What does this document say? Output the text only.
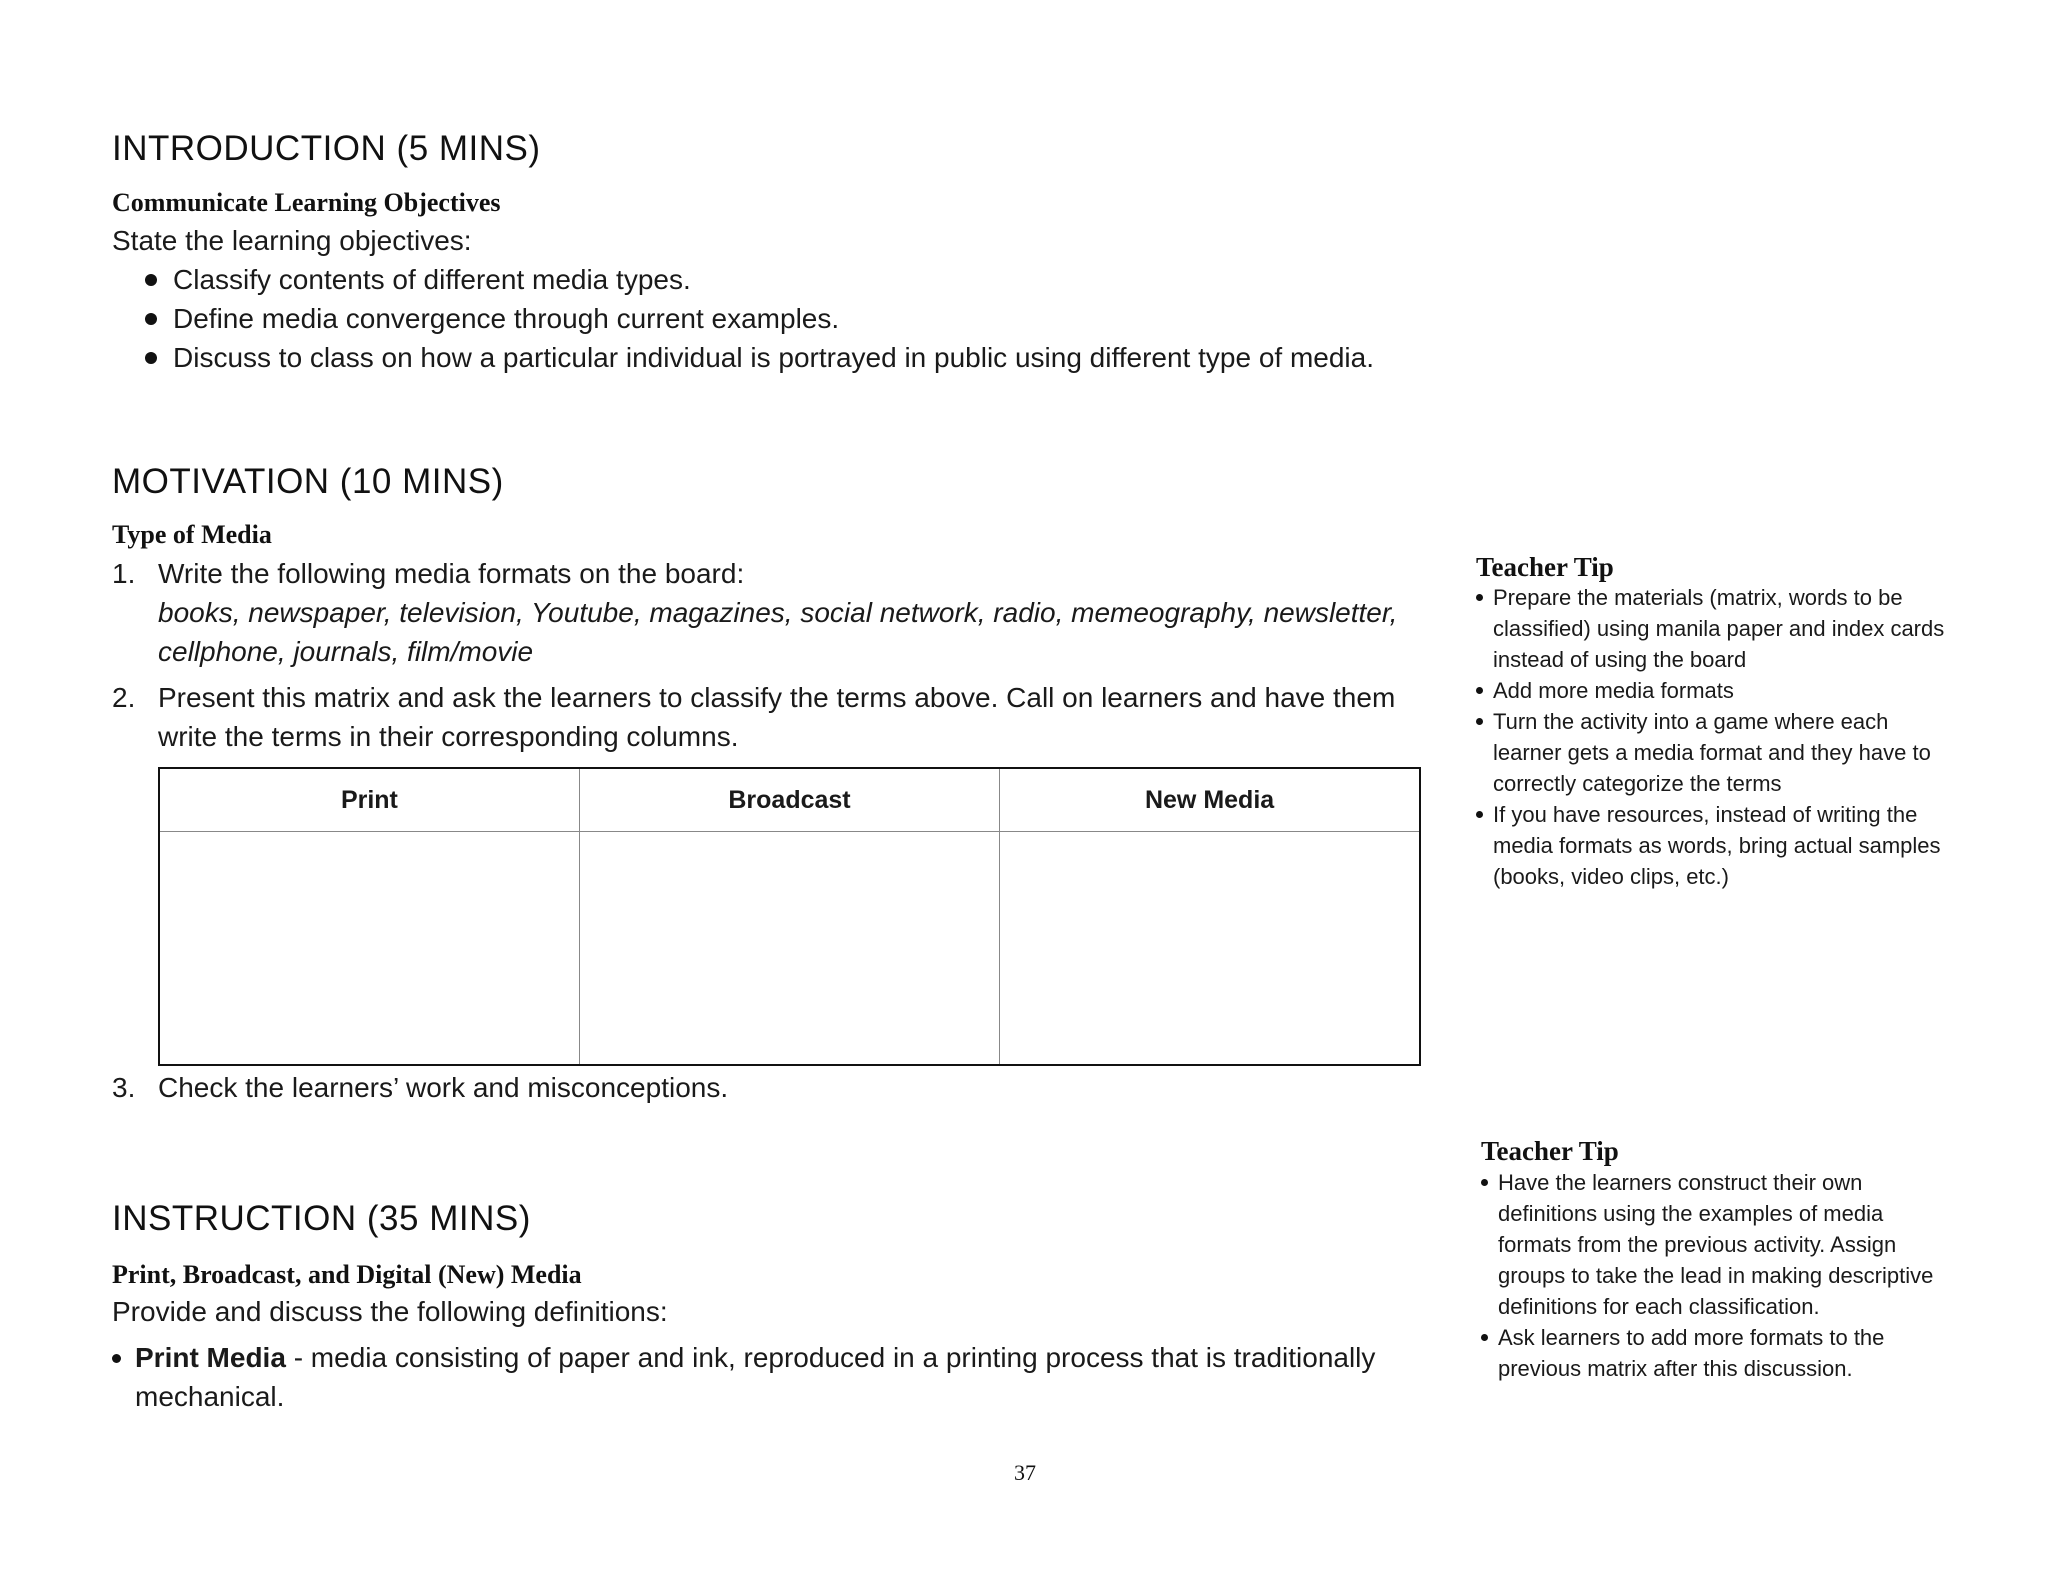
INTRODUCTION (5 MINS)
Communicate Learning Objectives
State the learning objectives:
Classify contents of different media types.
Define media convergence through current examples.
Discuss to class on how a particular individual is portrayed in public using different type of media.
MOTIVATION (10 MINS)
Type of Media
1. Write the following media formats on the board:
books, newspaper, television, Youtube, magazines, social network, radio, memeography, newsletter, cellphone, journals, film/movie
2. Present this matrix and ask the learners to classify the terms above. Call on learners and have them write the terms in their corresponding columns.
Print	Broadcast	New Media

3. Check the learners’ work and misconceptions.
Teacher Tip
Prepare the materials (matrix, words to be classified) using manila paper and index cards instead of using the board
Add more media formats
Turn the activity into a game where each learner gets a media format and they have to correctly categorize the terms
If you have resources, instead of writing the media formats as words, bring actual samples (books, video clips, etc.)
Teacher Tip
Have the learners construct their own definitions using the examples of media formats from the previous activity. Assign groups to take the lead in making descriptive definitions for each classification.
Ask learners to add more formats to the previous matrix after this discussion.
INSTRUCTION (35 MINS)
Print, Broadcast, and Digital (New) Media
Provide and discuss the following definitions:
Print Media - media consisting of paper and ink, reproduced in a printing process that is traditionally mechanical.
37
